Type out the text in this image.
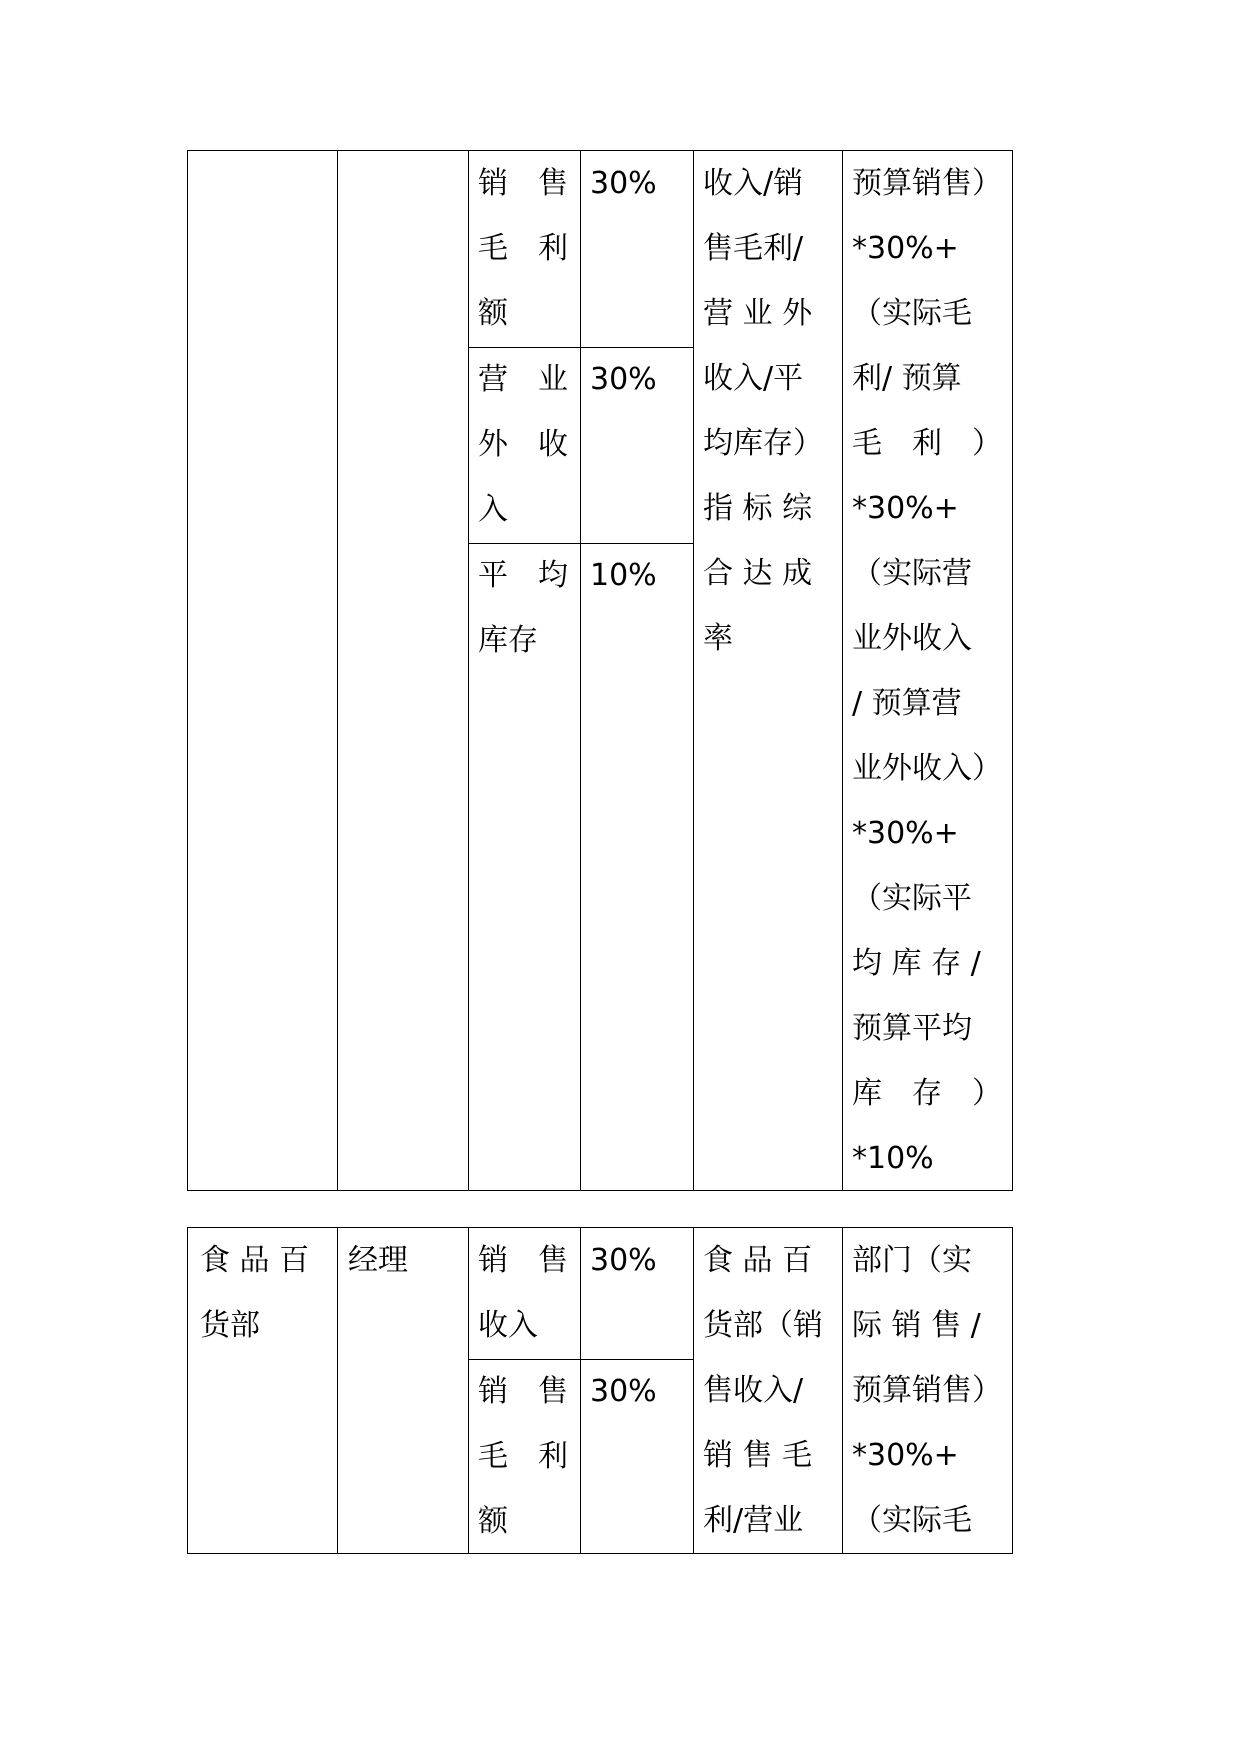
销　售
毛　利
额
30%
营　业
外　收
入
30%
平　均
库存
10%
收入/销
售毛利/
营 业 外
收入/平
均库存）
指 标 综
合 达 成
率
预算销售）
*30%+
（实际毛
利/ 预算
毛　利　）
*30%+
（实际营
业外收入
/ 预算营
业外收入）
*30%+
（实际平
均 库 存 /
预算平均
库　存　）
*10%
食 品 百
货部
经理 销　售
收入
30%
销　售
毛　利
额
30%
食 品 百
货部（销
售收入/
销 售 毛
利/营业
部门（实
际 销 售 /
预算销售）
*30%+
（实际毛
